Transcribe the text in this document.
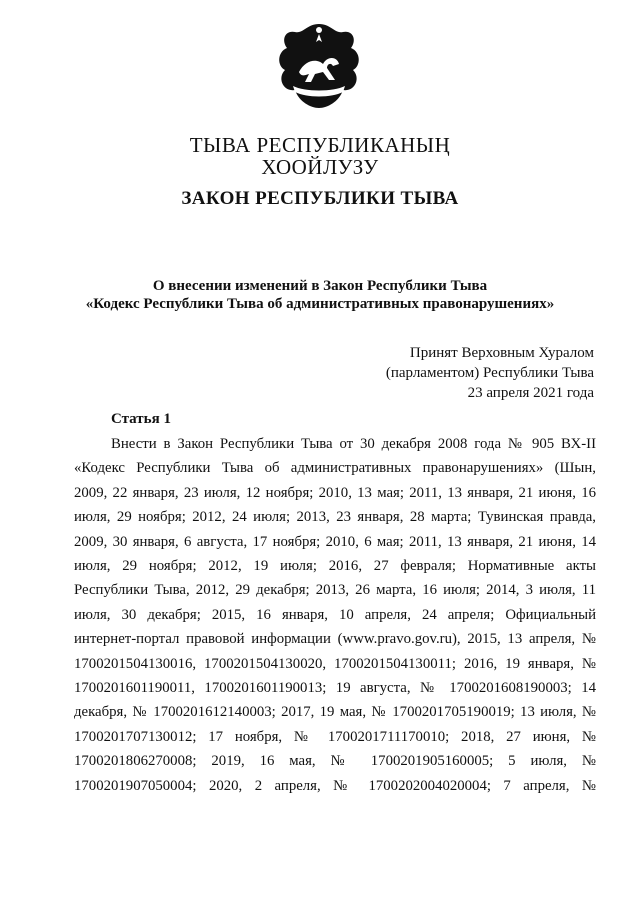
ТЫВА РЕСПУБЛИКАНЫҢ
ХООЙЛУЗУ
ЗАКОН РЕСПУБЛИКИ ТЫВА
О внесении изменений в Закон Республики Тыва
«Кодекс Республики Тыва об административных правонарушениях»
Принят Верховным Хуралом
(парламентом) Республики Тыва
23 апреля 2021 года
Статья 1
Внести в Закон Республики Тыва от 30 декабря 2008 года № 905 ВХ-II
«Кодекс Республики Тыва об административных правонарушениях» (Шын,
2009, 22 января, 23 июля, 12 ноября; 2010, 13 мая; 2011, 13 января, 21 июня, 16
июля, 29 ноября; 2012, 24 июля; 2013, 23 января, 28 марта; Тувинская правда,
2009, 30 января, 6 августа, 17 ноября; 2010, 6 мая; 2011, 13 января, 21 июня, 14
июля, 29 ноября; 2012, 19 июля; 2016, 27 февраля; Нормативные акты
Республики Тыва, 2012, 29 декабря; 2013, 26 марта, 16 июля; 2014, 3 июля, 11
июля, 30 декабря; 2015, 16 января, 10 апреля, 24 апреля; Официальный
интернет-портал правовой информации (www.pravo.gov.ru), 2015, 13 апреля, №
1700201504130016, 1700201504130020, 1700201504130011; 2016, 19 января, №
1700201601190011, 1700201601190013; 19 августа, № 1700201608190003; 14
декабря, № 1700201612140003; 2017, 19 мая, № 1700201705190019; 13 июля, №
1700201707130012; 17 ноября, № 1700201711170010; 2018, 27 июня, №
1700201806270008; 2019, 16 мая, № 1700201905160005; 5 июля, №
1700201907050004; 2020, 2 апреля, № 1700202004020004; 7 апреля, №
